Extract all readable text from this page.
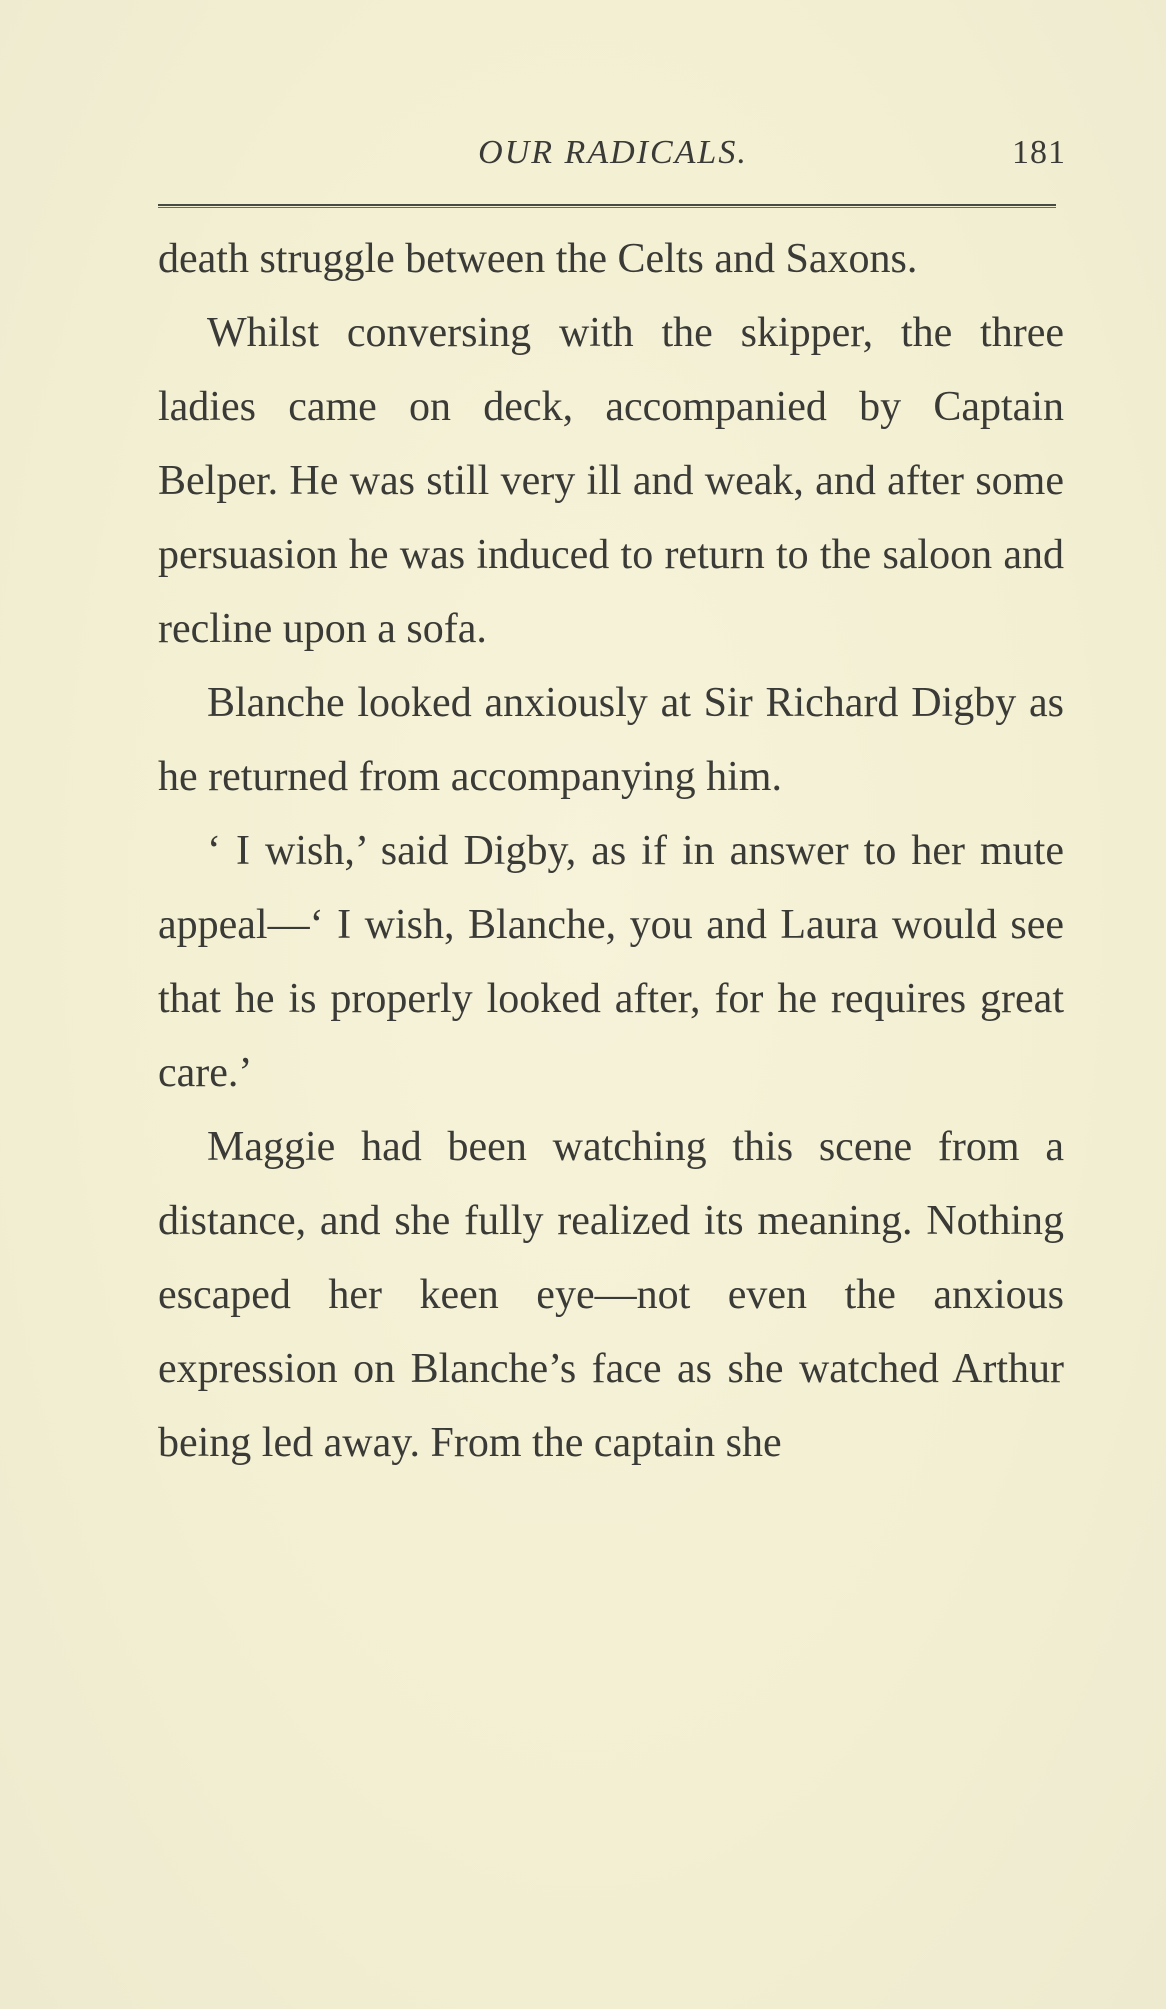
OUR RADICALS.	181

death struggle between the Celts and Saxons.

Whilst conversing with the skipper, the three ladies came on deck, accompanied by Captain Belper. He was still very ill and weak, and after some persuasion he was induced to return to the saloon and recline upon a sofa.

Blanche looked anxiously at Sir Richard Digby as he returned from accompanying him.

‘ I wish,’ said Digby, as if in answer to her mute appeal—‘ I wish, Blanche, you and Laura would see that he is properly looked after, for he requires great care.’

Maggie had been watching this scene from a distance, and she fully realized its meaning. Nothing escaped her keen eye—not even the anxious expression on Blanche’s face as she watched Arthur being led away. From the captain she
